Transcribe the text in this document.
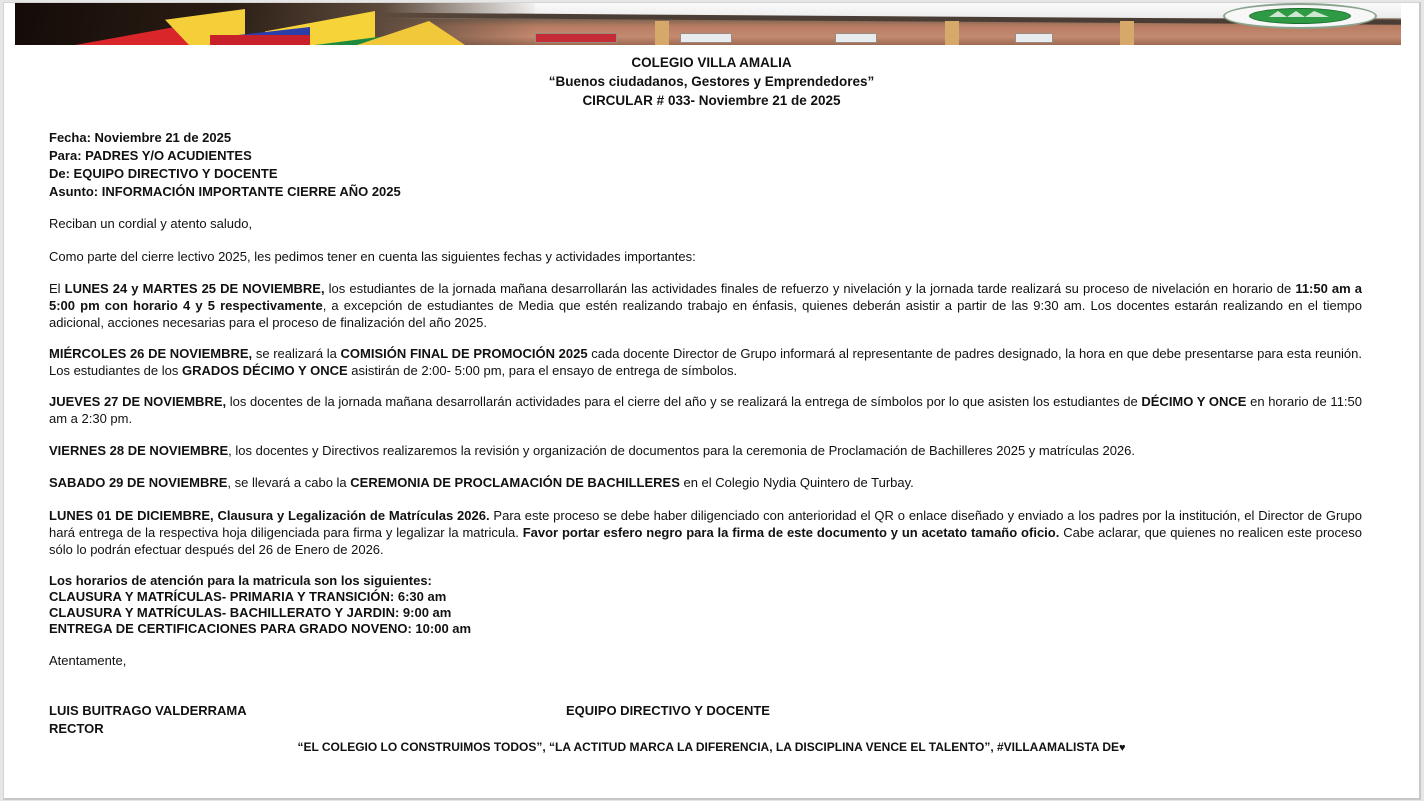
COLEGIO VILLA AMALIA
“Buenos ciudadanos, Gestores y Emprendedores”
CIRCULAR # 033- Noviembre 21 de 2025
Fecha: Noviembre 21 de 2025
Para: PADRES Y/O ACUDIENTES
De: EQUIPO DIRECTIVO Y DOCENTE
Asunto: INFORMACIÓN IMPORTANTE CIERRE AÑO 2025
Reciban un cordial y atento saludo,
Como parte del cierre lectivo 2025, les pedimos tener en cuenta las siguientes fechas y actividades importantes:
El LUNES 24 y MARTES 25 DE NOVIEMBRE, los estudiantes de la jornada mañana desarrollarán las actividades finales de refuerzo y nivelación y la jornada tarde realizará su proceso de nivelación en horario de 11:50 am a 5:00 pm con horario 4 y 5 respectivamente, a excepción de estudiantes de Media que estén realizando trabajo en énfasis, quienes deberán asistir a partir de las 9:30 am. Los docentes estarán realizando en el tiempo adicional, acciones necesarias para el proceso de finalización del año 2025.
MIÉRCOLES 26 DE NOVIEMBRE, se realizará la COMISIÓN FINAL DE PROMOCIÓN 2025 cada docente Director de Grupo informará al representante de padres designado, la hora en que debe presentarse para esta reunión. Los estudiantes de los GRADOS DÉCIMO Y ONCE asistirán de 2:00- 5:00 pm, para el ensayo de entrega de símbolos.
JUEVES 27 DE NOVIEMBRE, los docentes de la jornada mañana desarrollarán actividades para el cierre del año y se realizará la entrega de símbolos por lo que asisten los estudiantes de DÉCIMO Y ONCE en horario de 11:50 am a 2:30 pm.
VIERNES 28 DE NOVIEMBRE, los docentes y Directivos realizaremos la revisión y organización de documentos para la ceremonia de Proclamación de Bachilleres 2025 y matrículas 2026.
SABADO 29 DE NOVIEMBRE, se llevará a cabo la CEREMONIA DE PROCLAMACIÓN DE BACHILLERES en el Colegio Nydia Quintero de Turbay.
LUNES 01 DE DICIEMBRE, Clausura y Legalización de Matrículas 2026. Para este proceso se debe haber diligenciado con anterioridad el QR o enlace diseñado y enviado a los padres por la institución, el Director de Grupo hará entrega de la respectiva hoja diligenciada para firma y legalizar la matricula. Favor portar esfero negro para la firma de este documento y un acetato tamaño oficio. Cabe aclarar, que quienes no realicen este proceso sólo lo podrán efectuar después del 26 de Enero de 2026.
Los horarios de atención para la matricula son los siguientes:
CLAUSURA Y MATRÍCULAS- PRIMARIA Y TRANSICIÓN: 6:30 am
CLAUSURA Y MATRÍCULAS- BACHILLERATO Y JARDIN: 9:00 am
ENTREGA DE CERTIFICACIONES PARA GRADO NOVENO: 10:00 am
Atentamente,
LUIS BUITRAGO VALDERRAMA
RECTOR
EQUIPO DIRECTIVO Y DOCENTE
“EL COLEGIO LO CONSTRUIMOS TODOS”, “LA ACTITUD MARCA LA DIFERENCIA, LA DISCIPLINA VENCE EL TALENTO”, #VILLAAMALISTA DE♥
